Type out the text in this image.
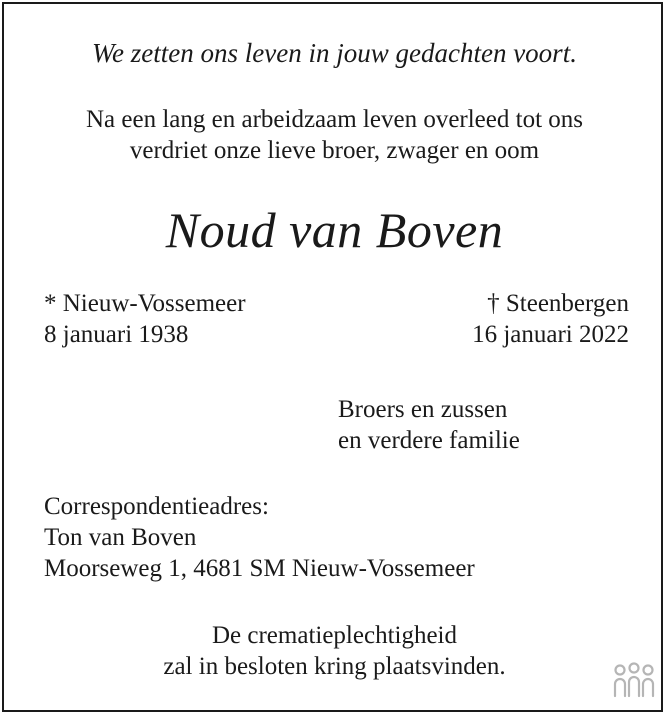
We zetten ons leven in jouw gedachten voort.
Na een lang en arbeidzaam leven overleed tot ons
verdriet onze lieve broer, zwager en oom
Noud van Boven
* Nieuw-Vossemeer
8 januari 1938
† Steenbergen
16 januari 2022
Broers en zussen
en verdere familie
Correspondentieadres:
Ton van Boven
Moorseweg 1, 4681 SM Nieuw-Vossemeer
De crematieplechtigheid
zal in besloten kring plaatsvinden.
